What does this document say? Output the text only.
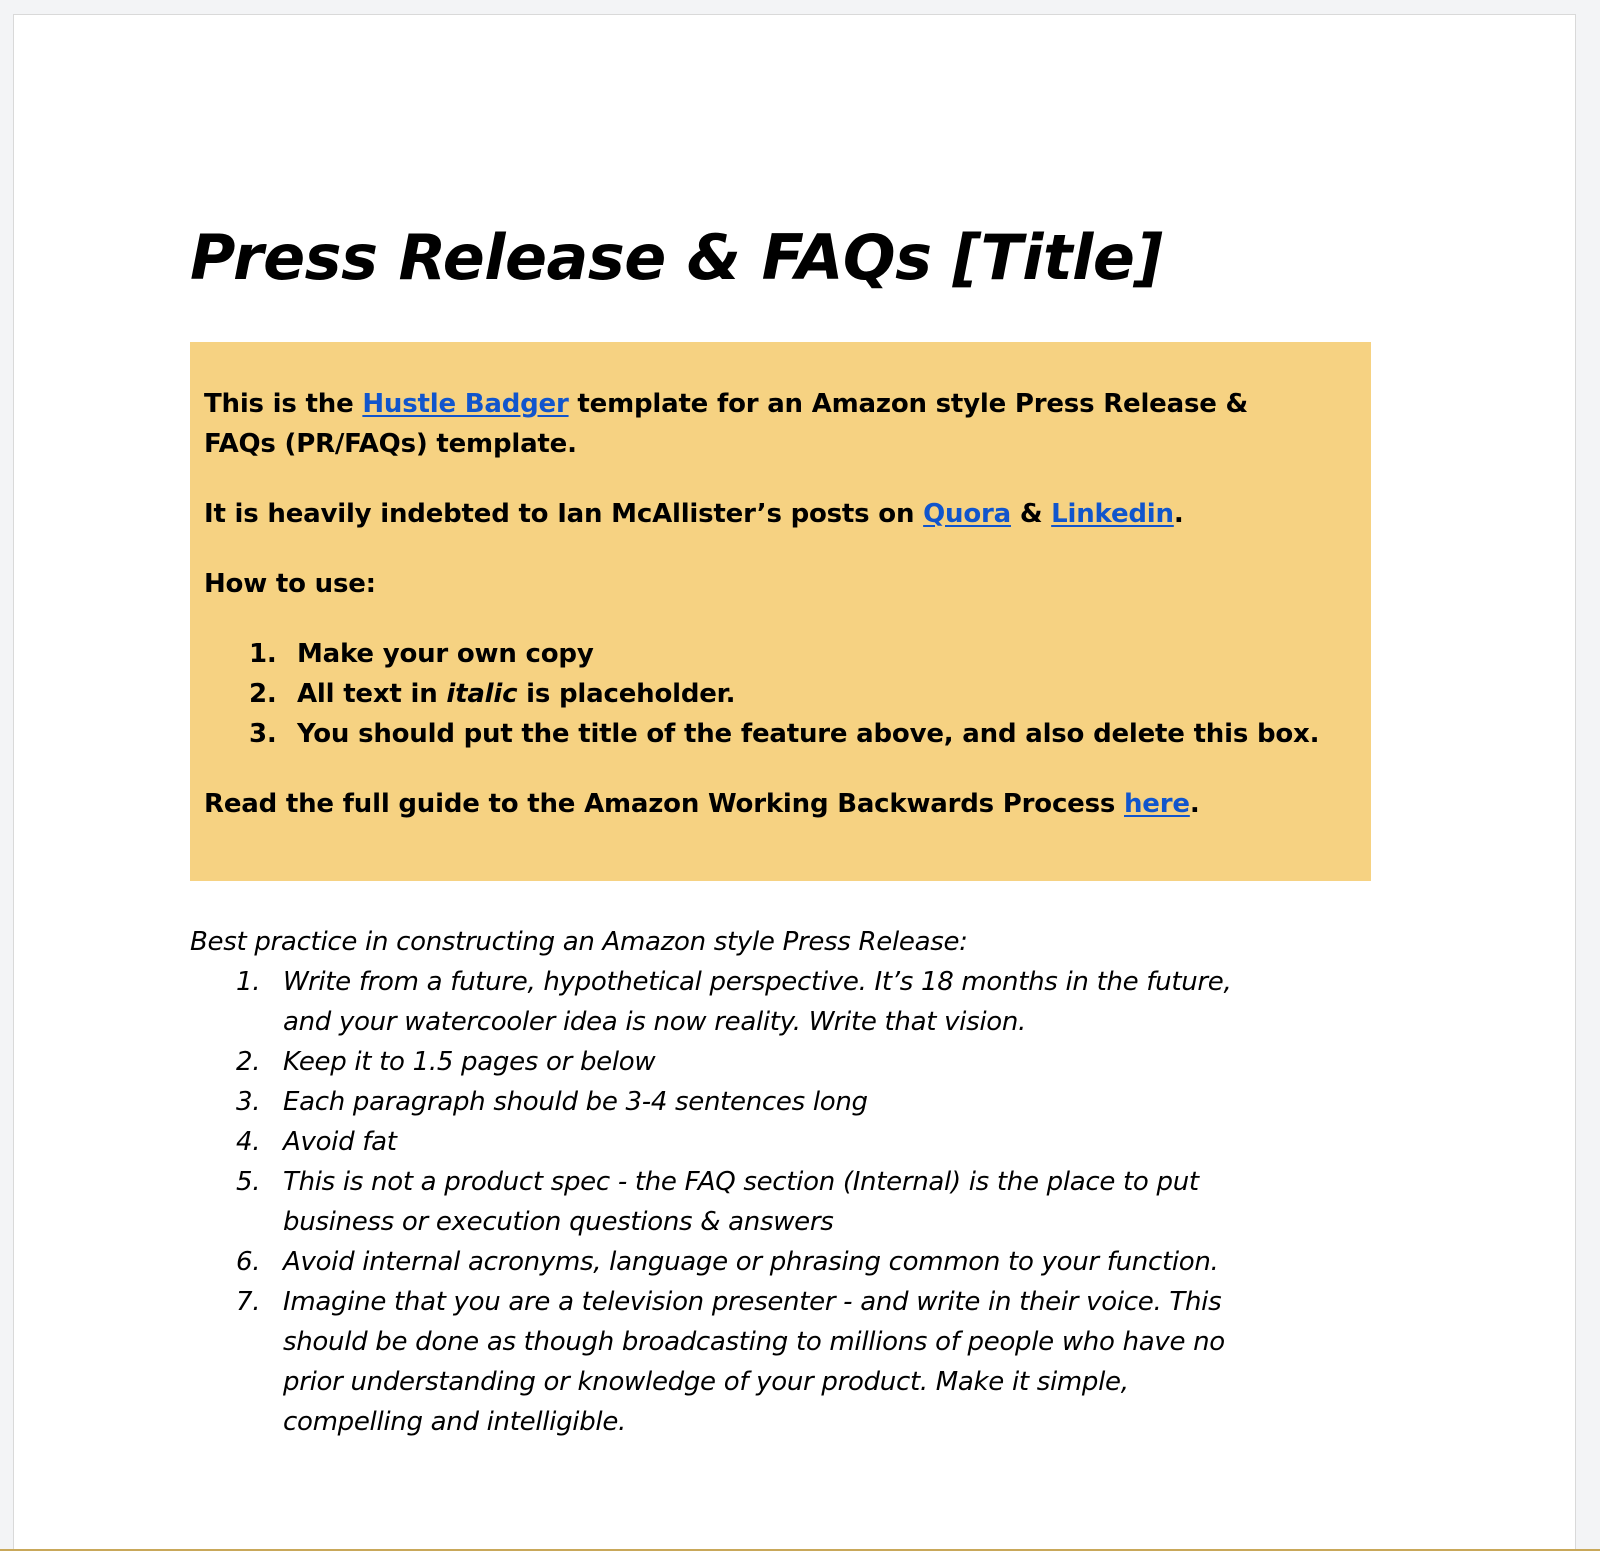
Press Release & FAQs [Title]

This is the Hustle Badger template for an Amazon style Press Release &
FAQs (PR/FAQs) template.

It is heavily indebted to Ian McAllister’s posts on Quora & Linkedin.

How to use:

1. Make your own copy
2. All text in italic is placeholder.
3. You should put the title of the feature above, and also delete this box.

Read the full guide to the Amazon Working Backwards Process here.

Best practice in constructing an Amazon style Press Release:

1. Write from a future, hypothetical perspective. It’s 18 months in the future,
and your watercooler idea is now reality. Write that vision.
2. Keep it to 1.5 pages or below
3. Each paragraph should be 3-4 sentences long
4. Avoid fat
5. This is not a product spec - the FAQ section (Internal) is the place to put
business or execution questions & answers
6. Avoid internal acronyms, language or phrasing common to your function.
7. Imagine that you are a television presenter - and write in their voice. This
should be done as though broadcasting to millions of people who have no
prior understanding or knowledge of your product. Make it simple,
compelling and intelligible.
